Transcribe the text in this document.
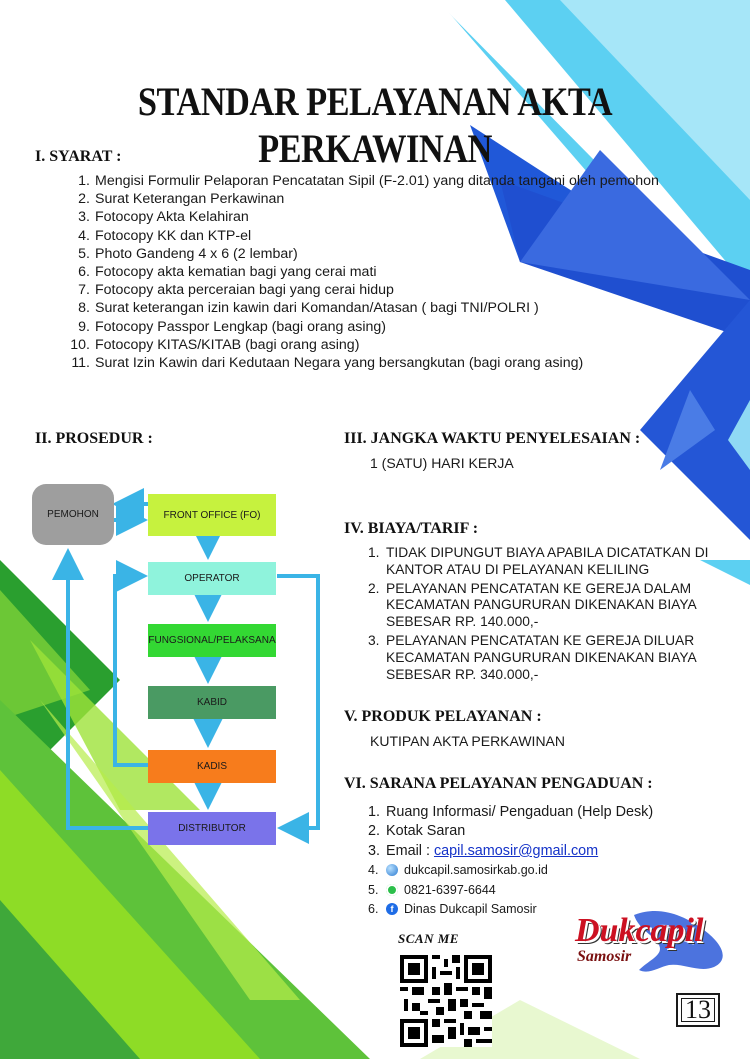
STANDAR PELAYANAN AKTA PERKAWINAN
I. SYARAT :
1. Mengisi Formulir Pelaporan Pencatatan Sipil (F-2.01) yang ditanda tangani oleh pemohon
2. Surat Keterangan Perkawinan
3. Fotocopy Akta Kelahiran
4. Fotocopy KK dan KTP-el
5. Photo Gandeng 4 x 6 (2 lembar)
6. Fotocopy akta kematian bagi yang cerai mati
7. Fotocopy akta perceraian bagi yang cerai hidup
8. Surat keterangan izin kawin dari Komandan/Atasan ( bagi TNI/POLRI )
9. Fotocopy Passpor Lengkap (bagi orang asing)
10. Fotocopy KITAS/KITAB (bagi orang asing)
11. Surat Izin Kawin dari Kedutaan Negara yang bersangkutan (bagi orang asing)
II. PROSEDUR :
PEMOHON	FRONT OFFICE (FO)
OPERATOR
FUNGSIONAL/PELAKSANA
KABID
KADIS
DISTRIBUTOR
III. JANGKA WAKTU PENYELESAIAN :
1 (SATU) HARI KERJA
IV. BIAYA/TARIF :
1. TIDAK DIPUNGUT BIAYA APABILA DICATATKAN DI KANTOR ATAU DI PELAYANAN KELILING
2. PELAYANAN PENCATATAN KE GEREJA DALAM KECAMATAN PANGURURAN DIKENAKAN BIAYA SEBESAR RP. 140.000,-
3. PELAYANAN PENCATATAN KE GEREJA DILUAR KECAMATAN PANGURURAN DIKENAKAN BIAYA SEBESAR RP. 340.000,-
V. PRODUK PELAYANAN :
KUTIPAN AKTA PERKAWINAN
VI. SARANA PELAYANAN PENGADUAN :
1. Ruang Informasi/ Pengaduan (Help Desk)
2. Kotak Saran
3. Email : capil.samosir@gmail.com
4.	dukcapil.samosirkab.go.id
5.	0821-6397-6644
6.	f Dinas Dukcapil Samosir
SCAN ME	Dukcapil
Samosir
13
